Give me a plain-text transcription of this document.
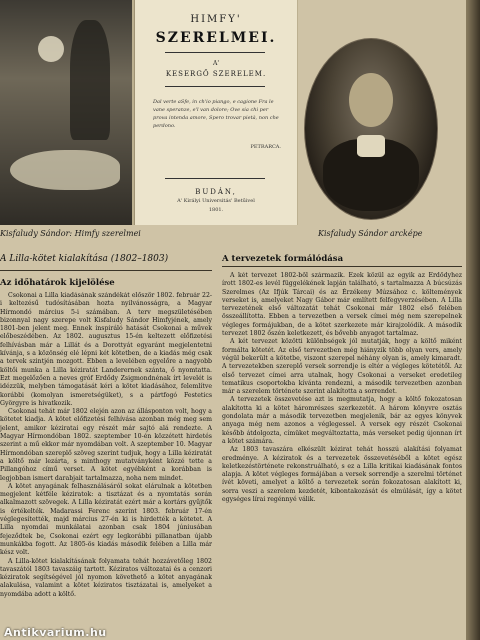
HIMFY'
SZERELMEI.
A'
KESERGŐ SZERELEM.
Dal verte aSfe, in ch'io piango, e cagione Fra le vane speranze, e'l van dolore; Ove sia chi per prova intenda amore, Spero trovar pietà, non che perdono.
PETRARCA.
BUDÁN,
A' Királyi Universitás' Betűivel
1801.
Kisfaludy Sándor: Himfy szerelmei	Kisfaludy Sándor arcképe
A Lilla-kötet kialakítása (1802–1803)
Az időhatárok kijelölése
A tervezetek formálódása

Csokonai a Lilla kiadásának szándékát először 1802. február 22-i keltezésű tudósításában hozta nyilvánosságra, a Magyar Hírmondó március 5-i számában. A terv megszületésében bizonnyal nagy szerepe volt Kisfaludy Sándor Himfyjének, amely 1801-ben jelent meg. Ennek inspiráló hatását Csokonai a művek előbeszédében. Az 1802. augusztus 15-én keltezett előfizetési felhívásban már a Lillát és a Dorottyát egyaránt megjelentetni kívánja, s a közönség elé lépni két kötetben, de a kiadás még csak a tervek szintjén mozgott. Ebben a levelében egyelőre a nagyobb költői munka a Lilla kéziratát Landerernek szánta, ő nyomtatta. Ezt megelőzően a neves gróf Erdődy Zsigmondnénak írt levelét is idézzük, melyben támogatását kéri a kötet kiadásához, felemlítve korábbi (komolyan ismeretségüket), s a pártfogó Festetics Györgyre is hivatkozik.

Csokonai tehát már 1802 elején azon az állásponton volt, hogy a kötetet kiadja. A kötet előfizetési felhívása azonban még meg sem jelent, amikor kéziratai egy részét már sajtó alá rendezte. A Magyar Hírmondóban 1802. szeptember 10-én közzétett hirdetés szerint a mű ekkor már nyomdában volt. A szeptember 10. Magyar Hírmondóban szereplő szöveg szerint tudjuk, hogy a Lilla kéziratát a költő már lezárta, s minthogy mutatványként közzé tette a Pillangóhoz című verset. A kötet egyébként a korábban is legjobban ismert darabjait tartalmazza, noha nem mindet.

A kötet anyagának felhasználásáról sokat elárulnak a kötetben megjelent kétféle kéziratok: a tisztázat és a nyomtatás során alkalmazott szövegek. A Lilla kéziratát ezért már a kortárs gyűjtők is értékelték. Madarassi Ferenc szerint 1803. február 17-én véglegesítették, majd március 27-én ki is hirdették a kötetet. A Lilla nyomdai munkálatai azonban csak 1804 júniusában fejeződtek be, Csokonai ezért egy legkorábbi pillanatban újabb munkákba fogott. Az 1805-ös kiadás második felében a Lilla már kész volt.

A Lilla-kötet kialakításának folyamata tehát hozzávetőleg 1802 tavaszától 1803 tavaszáig tartott. Kéziratos változatai és a cenzori kéziratok segítségével jól nyomon követhető a kötet anyagának alakulása, valamint a kötet kéziratos tisztázatai is, amelyeket a nyomdába adott a költő.

A két tervezet 1802-ből származik. Ezek közül az egyik az Erdődyhez írott 1802-es levél függelékének lapján található, s tartalmazza A búcsúzás Szerelmes (Az Ifjúk Tárcai) és az Érzékeny Múzsához c. költemények verseket is, amelyeket Nagy Gábor már említett felfegyverzésében. A Lilla tervezetének első változatát tehát Csokonai már 1802 első felében összeállította. Ebben a tervezetben a versek címei még nem szerepelnek végleges formájukban, de a kötet szerkezete már kirajzolódik. A második tervezet 1802 őszén keletkezett, és bővebb anyagot tartalmaz.

A két tervezet közötti különbségek jól mutatják, hogy a költő miként formálta kötetét. Az első tervezetben még hiányzik több olyan vers, amely végül bekerült a kötetbe, viszont szerepel néhány olyan is, amely kimaradt. A tervezetekben szereplő versek sorrendje is eltér a végleges kötetétől. Az első tervezet címei arra utalnak, hogy Csokonai a verseket eredetileg tematikus csoportokba kívánta rendezni, a második tervezetben azonban már a szerelem története szerint alakította a sorrendet.

A tervezetek összevetése azt is megmutatja, hogy a költő fokozatosan alakította ki a kötet háromrészes szerkezetét. A három könyvre osztás gondolata már a második tervezetben megjelenik, bár az egyes könyvek anyaga még nem azonos a véglegessel. A versek egy részét Csokonai később átdolgozta, címüket megváltoztatta, más verseket pedig újonnan írt a kötet számára.

Az 1803 tavaszára elkészült kézirat tehát hosszú alakítási folyamat eredménye. A kéziratok és a tervezetek összevetéséből a kötet egész keletkezéstörténete rekonstruálható, s ez a Lilla kritikai kiadásának fontos alapja. A kötet végleges formájában a versek sorrendje a szerelmi történet ívét követi, amelyet a költő a tervezetek során fokozatosan alakított ki, sorra veszi a szerelem kezdetét, kibontakozását és elmúlását, így a kötet egységes lírai regénnyé válik.

Antikvarium.hu
